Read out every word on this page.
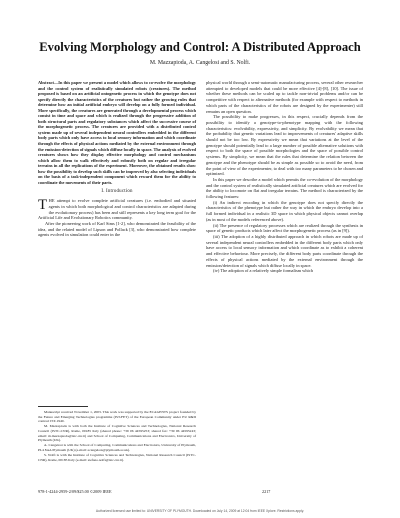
Evolving Morphology and Control: A Distributed Approach
M. Mazzapioda, A. Cangelosi and S. Nolfi.

Abstract—In this paper we present a model which allows to co-evolve the morphology and the control system of realistically simulated robots (creatures). The method proposed is based on an artificial ontogenetic process in which the genotype does not specify directly the characteristics of the creatures but rather the growing rules that determine how an initial artificial embryo will develop on a fully formed individual. More specifically, the creatures are generated through a developmental process which consist in time and space and which is realized through the progressive addition of both structural parts and regulatory substances which affect the successive course of the morphogenetic process. The creatures are provided with a distributed control system made up of several independent neural controllers embedded in the different body parts which only have access to local sensory information and which coordinate through the effects of physical actions mediated by the external environment through the emission-detection of signals which diffuse locally in space. The analysis of evolved creatures shows how they display effective morphology and control mechanisms which allow them to walk effectively and robustly both on regular and irregular terrains in all the replications of the experiment. Moreover, the obtained results show how the possibility to develop such skills can be improved by also selecting individuals on the basis of a task-independent component which reward them for the ability to coordinate the movements of their parts.

I. Introduction

THE attempt to evolve complete artificial creatures (i.e. embodied and situated agents in which both morphological and control characteristics are adapted during the evolutionary process) has been and still represents a key long term goal for the Artificial Life and Evolutionary Robotics community.

After the pioneering work of Karl Sims [1-2], who demonstrated the feasibility of the idea, and the related model of Lipson and Pollack [3], who demonstrated how complete agents evolved in simulation could enter in the

Manuscript received November 1, 2003. This work was supported by the ECAGENTS project founded by the Future and Emerging Technologies programme (IST-FET) of the European Community under EU R&D contract IST-1940.

M. Mazzapioda is with both the Institute of Cognitive Sciences and Technologies, National Research Council (ISTC-CNR), Rome, 00185 Italy (shared phone: +39 06 44595253; shared fax: +39 06 44595243; email: m.mazzapioda@istc.cnr.it) and School of Computing, Communications and Electronics, University of Plymouth (UK).

A. Cangelosi is with the School of Computing, Communications and Electronics, University of Plymouth, PL4 8AA Plymouth (UK) (e-mail: acangelosi@plymouth.ac.uk).

S. Nolfi is with the Institute of Cognitive Sciences and Technologies, National Research Council (ISTC-CNR), Rome, 00185 Italy (e-mail: stefano.nolfi@istc.cnr.it).

physical world through a semi-automatic manufacturing process, several other researcher attempted to developed models that could be more effective [4]-[8], [10]. The issue of whether these methods can be scaled up to tackle non-trivial problems and/or can be competitive with respect to alternative methods (for example with respect to methods in which parts of the characteristics of the robots are designed by the experimenter) still remains an open question.

The possibility to make progresses, in this respect, crucially depends from the possibility to identify a genotype-to-phenotype mapping with the following characteristics: evolvability, expressivity, and simplicity. By evolvability we mean that the probability that genetic variations lead to improvements of creatures' adaptive skills should not be too low. By expressivity we mean that variations at the level of the genotype should potentially lead to a large number of possible alternative solutions with respect to both the space of possible morphologies and the space of possible control systems. By simplicity, we mean that the rules that determine the relation between the genotype and the phenotype should be as simple as possible so to avoid the need, from the point of view of the experimenter, to deal with too many parameters to be chosen and optimized.

In this paper we describe a model which permits the co-evolution of the morphology and the control system of realistically simulated artificial creatures which are evolved for the ability to locomote on flat and irregular terrains. The method is characterized by the following features:

(i) An indirect encoding in which the genotype does not specify directly the characteristics of the phenotype but rather the way in which the embryo develop into a full formed individual in a realistic 3D space in which physical objects cannot overlap (as in most of the models referenced above).

(ii) The presence of regulatory processes which are realized through the synthesis in space of genetic products which later affect the morphogenetic process (as in [9]).

(iii) The adoption of a highly distributed approach in which robots are made up of several independent neural controllers embedded in the different body parts which only have access to local sensory information and which coordinate as to exhibit a coherent and effective behaviour. More precisely, the different body parts coordinate through the effects of physical actions mediated by the external environment through the emission/detection of signals which diffuse locally in space.

(iv) The adoption of a relatively simple formalism which

978-1-4244-2959-2/09/$25.00 ©2009 IEEE	2217
Authorized licensed use limited to: UNIVERSITY OF PLYMOUTH. Downloaded on July 14, 2009 at 12:04 from IEEE Xplore. Restrictions apply.
